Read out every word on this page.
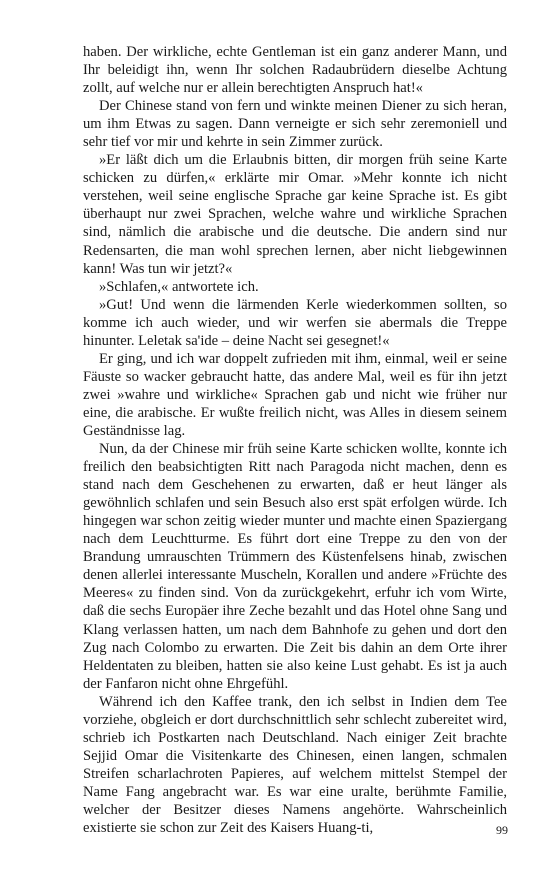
haben. Der wirkliche, echte Gentleman ist ein ganz anderer Mann, und Ihr beleidigt ihn, wenn Ihr solchen Radaubrüdern dieselbe Achtung zollt, auf welche nur er allein berechtigten Anspruch hat!«

Der Chinese stand von fern und winkte meinen Diener zu sich heran, um ihm Etwas zu sagen. Dann verneigte er sich sehr zeremoniell und sehr tief vor mir und kehrte in sein Zimmer zurück.

»Er läßt dich um die Erlaubnis bitten, dir morgen früh seine Karte schicken zu dürfen,« erklärte mir Omar. »Mehr konnte ich nicht verstehen, weil seine englische Sprache gar keine Sprache ist. Es gibt überhaupt nur zwei Sprachen, welche wahre und wirkliche Sprachen sind, nämlich die arabische und die deutsche. Die andern sind nur Redensarten, die man wohl sprechen lernen, aber nicht liebgewinnen kann! Was tun wir jetzt?«

»Schlafen,« antwortete ich.

»Gut! Und wenn die lärmenden Kerle wiederkommen sollten, so komme ich auch wieder, und wir werfen sie abermals die Treppe hinunter. Leletak sa'ide – deine Nacht sei gesegnet!«

Er ging, und ich war doppelt zufrieden mit ihm, einmal, weil er seine Fäuste so wacker gebraucht hatte, das andere Mal, weil es für ihn jetzt zwei »wahre und wirkliche« Sprachen gab und nicht wie früher nur eine, die arabische. Er wußte freilich nicht, was Alles in diesem seinem Geständnisse lag.

Nun, da der Chinese mir früh seine Karte schicken wollte, konnte ich freilich den beabsichtigten Ritt nach Paragoda nicht machen, denn es stand nach dem Geschehenen zu erwarten, daß er heut länger als gewöhnlich schlafen und sein Besuch also erst spät erfolgen würde. Ich hingegen war schon zeitig wieder munter und machte einen Spaziergang nach dem Leuchtturme. Es führt dort eine Treppe zu den von der Brandung umrauschten Trümmern des Küstenfelsens hinab, zwischen denen allerlei interessante Muscheln, Korallen und andere »Früchte des Meeres« zu finden sind. Von da zurückgekehrt, erfuhr ich vom Wirte, daß die sechs Europäer ihre Zeche bezahlt und das Hotel ohne Sang und Klang verlassen hatten, um nach dem Bahnhofe zu gehen und dort den Zug nach Colombo zu erwarten. Die Zeit bis dahin an dem Orte ihrer Heldentaten zu bleiben, hatten sie also keine Lust gehabt. Es ist ja auch der Fanfaron nicht ohne Ehrgefühl.

Während ich den Kaffee trank, den ich selbst in Indien dem Tee vorziehe, obgleich er dort durchschnittlich sehr schlecht zubereitet wird, schrieb ich Postkarten nach Deutschland. Nach einiger Zeit brachte Sejjid Omar die Visitenkarte des Chinesen, einen langen, schmalen Streifen scharlachroten Papieres, auf welchem mittelst Stempel der Name Fang angebracht war. Es war eine uralte, berühmte Familie, welcher der Besitzer dieses Namens angehörte. Wahrscheinlich existierte sie schon zur Zeit des Kaisers Huang-ti,	99
